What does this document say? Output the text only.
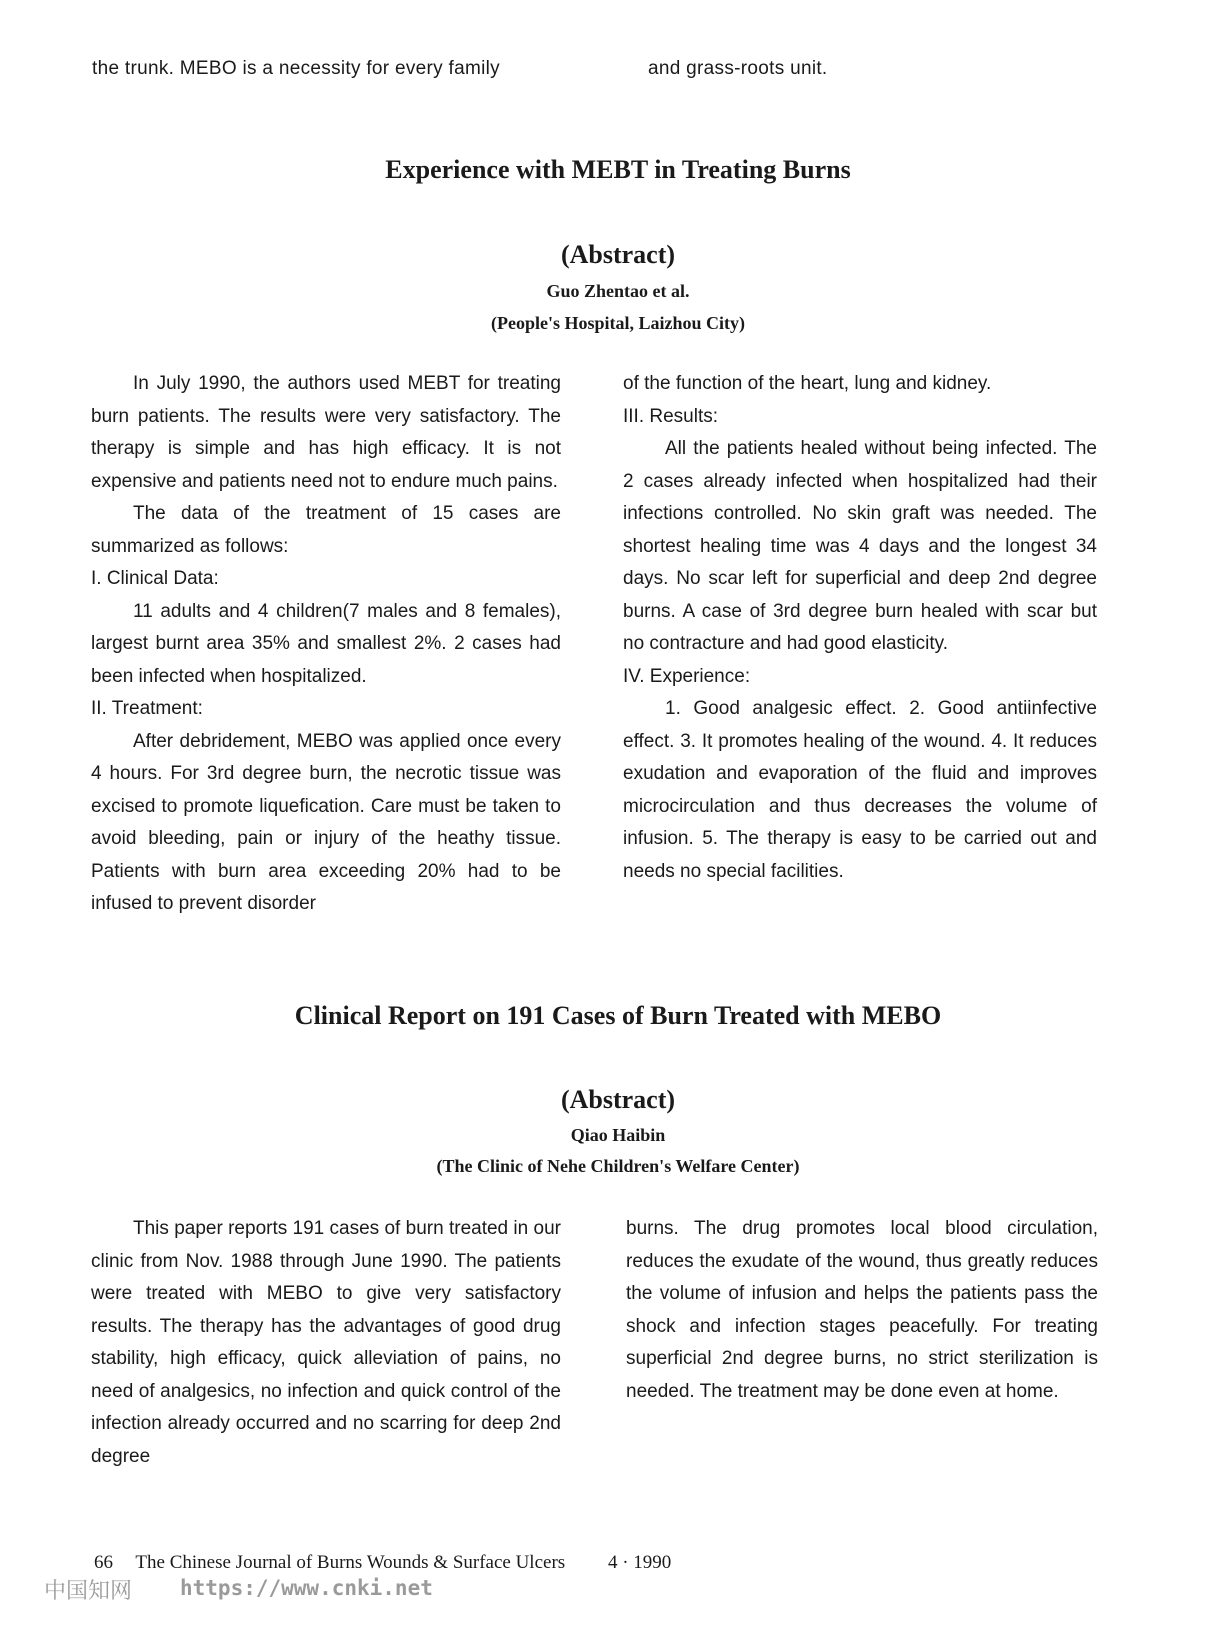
the trunk. MEBO is a necessity for every family	and grass-roots unit.
Experience with MEBT in Treating Burns
(Abstract)
Guo Zhentao et al.
(People's Hospital, Laizhou City)

In July 1990, the authors used MEBT for treating burn patients. The results were very satisfactory. The therapy is simple and has high efficacy. It is not expensive and patients need not to endure much pains.

The data of the treatment of 15 cases are summarized as follows:

I. Clinical Data:

11 adults and 4 children(7 males and 8 females), largest burnt area 35% and smallest 2%. 2 cases had been infected when hospitalized.

II. Treatment:

After debridement, MEBO was applied once every 4 hours. For 3rd degree burn, the necrotic tissue was excised to promote liquefication. Care must be taken to avoid bleeding, pain or injury of the heathy tissue. Patients with burn area exceeding 20% had to be infused to prevent disorder

of the function of the heart, lung and kidney.

III. Results:

All the patients healed without being infected. The 2 cases already infected when hospitalized had their infections controlled. No skin graft was needed. The shortest healing time was 4 days and the longest 34 days. No scar left for superficial and deep 2nd degree burns. A case of 3rd degree burn healed with scar but no contracture and had good elasticity.

IV. Experience:

1. Good analgesic effect. 2. Good antiinfective effect. 3. It promotes healing of the wound. 4. It reduces exudation and evaporation of the fluid and improves microcirculation and thus decreases the volume of infusion. 5. The therapy is easy to be carried out and needs no special facilities.

Clinical Report on 191 Cases of Burn Treated with MEBO
(Abstract)
Qiao Haibin
(The Clinic of Nehe Children's Welfare Center)

This paper reports 191 cases of burn treated in our clinic from Nov. 1988 through June 1990. The patients were treated with MEBO to give very satisfactory results. The therapy has the advantages of good drug stability, high efficacy, quick alleviation of pains, no need of analgesics, no infection and quick control of the infection already occurred and no scarring for deep 2nd degree

burns. The drug promotes local blood circulation, reduces the exudate of the wound, thus greatly reduces the volume of infusion and helps the patients pass the shock and infection stages peacefully. For treating superficial 2nd degree burns, no strict sterilization is needed. The treatment may be done even at home.

66 The Chinese Journal of Burns Wounds & Surface Ulcers 4 · 1990
中国知网 https://www.cnki.net
